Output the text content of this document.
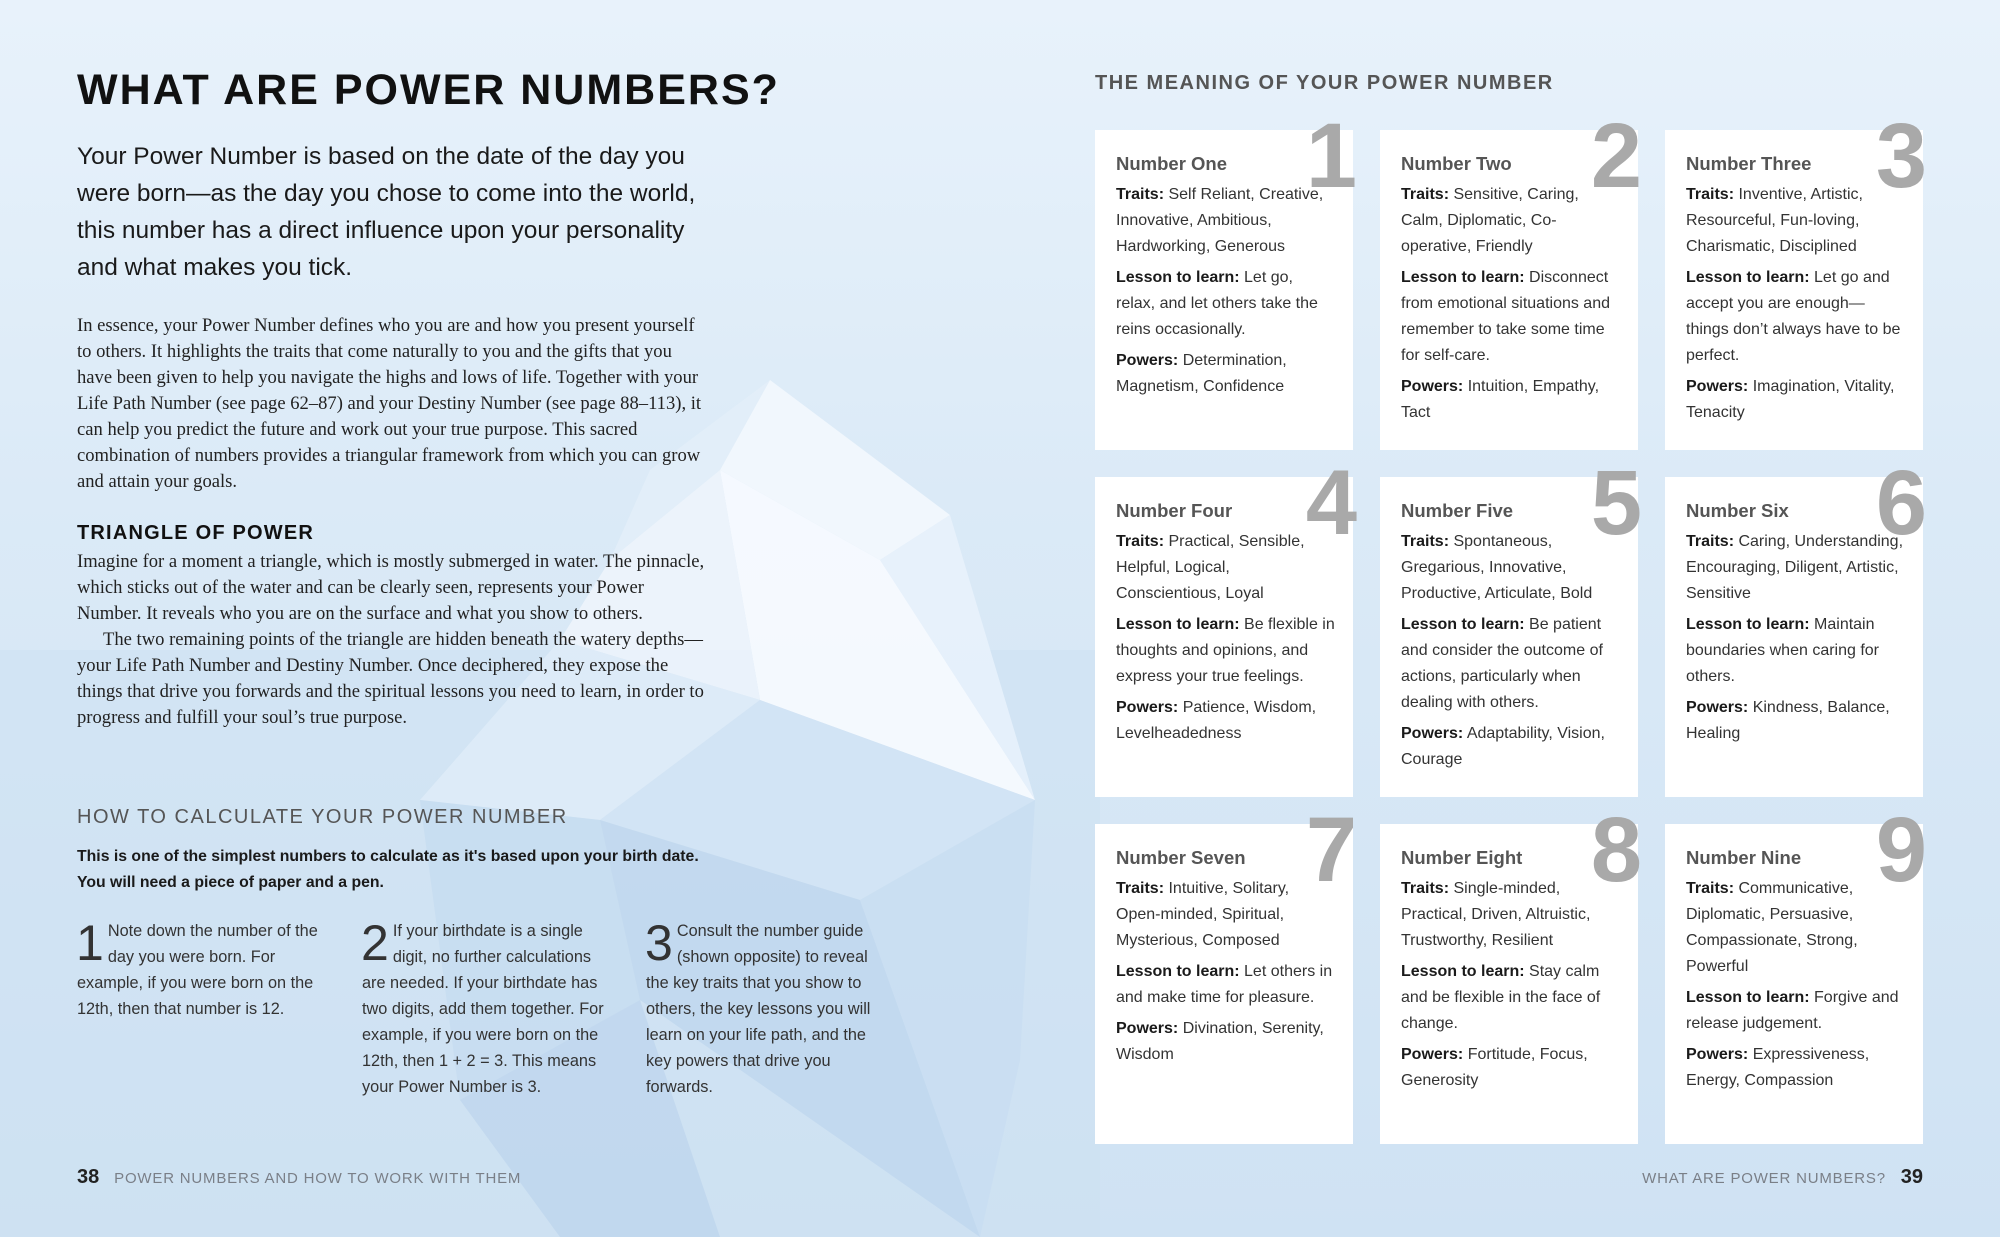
WHAT ARE POWER NUMBERS?
Your Power Number is based on the date of the day you were born—as the day you chose to come into the world, this number has a direct influence upon your personality and what makes you tick.

In essence, your Power Number defines who you are and how you present yourself to others. It highlights the traits that come naturally to you and the gifts that you have been given to help you navigate the highs and lows of life. Together with your Life Path Number (see page 62–87) and your Destiny Number (see page 88–113), it can help you predict the future and work out your true purpose. This sacred combination of numbers provides a triangular framework from which you can grow and attain your goals.

TRIANGLE OF POWER

Imagine for a moment a triangle, which is mostly submerged in water. The pinnacle, which sticks out of the water and can be clearly seen, represents your Power Number. It reveals who you are on the surface and what you show to others.

The two remaining points of the triangle are hidden beneath the watery depths—your Life Path Number and Destiny Number. Once deciphered, they expose the things that drive you forwards and the spiritual lessons you need to learn, in order to progress and fulfill your soul’s true purpose.

HOW TO CALCULATE YOUR POWER NUMBER
This is one of the simplest numbers to calculate as it's based upon your birth date. You will need a piece of paper and a pen.
1 Note down the number of the day you were born. For example, if you were born on the 12th, then that number is 12.
2 If your birthdate is a single digit, no further calculations are needed. If your birthdate has two digits, add them together. For example, if you were born on the 12th, then 1 + 2 = 3. This means your Power Number is 3.
3 Consult the number guide (shown opposite) to reveal the key traits that you show to others, the key lessons you will learn on your life path, and the key powers that drive you forwards.
38 POWER NUMBERS AND HOW TO WORK WITH THEM
THE MEANING OF YOUR POWER NUMBER
1
Number One
Traits: Self Reliant, Creative, Innovative, Ambitious, Hardworking, Generous
Lesson to learn: Let go, relax, and let others take the reins occasionally.
Powers: Determination, Magnetism, Confidence
2
Number Two
Traits: Sensitive, Caring, Calm, Diplomatic, Co-operative, Friendly
Lesson to learn: Disconnect from emotional situations and remember to take some time for self-care.
Powers: Intuition, Empathy, Tact
3
Number Three
Traits: Inventive, Artistic, Resourceful, Fun-loving, Charismatic, Disciplined
Lesson to learn: Let go and accept you are enough—things don’t always have to be perfect.
Powers: Imagination, Vitality, Tenacity
4
Number Four
Traits: Practical, Sensible, Helpful, Logical, Conscientious, Loyal
Lesson to learn: Be flexible in thoughts and opinions, and express your true feelings.
Powers: Patience, Wisdom, Levelheadedness
5
Number Five
Traits: Spontaneous, Gregarious, Innovative, Productive, Articulate, Bold
Lesson to learn: Be patient and consider the outcome of actions, particularly when dealing with others.
Powers: Adaptability, Vision, Courage
6
Number Six
Traits: Caring, Understanding, Encouraging, Diligent, Artistic, Sensitive
Lesson to learn: Maintain boundaries when caring for others.
Powers: Kindness, Balance, Healing
7
Number Seven
Traits: Intuitive, Solitary, Open-minded, Spiritual, Mysterious, Composed
Lesson to learn: Let others in and make time for pleasure.
Powers: Divination, Serenity, Wisdom
8
Number Eight
Traits: Single-minded, Practical, Driven, Altruistic, Trustworthy, Resilient
Lesson to learn: Stay calm and be flexible in the face of change.
Powers: Fortitude, Focus, Generosity
9
Number Nine
Traits: Communicative, Diplomatic, Persuasive, Compassionate, Strong, Powerful
Lesson to learn: Forgive and release judgement.
Powers: Expressiveness, Energy, Compassion
WHAT ARE POWER NUMBERS? 39
